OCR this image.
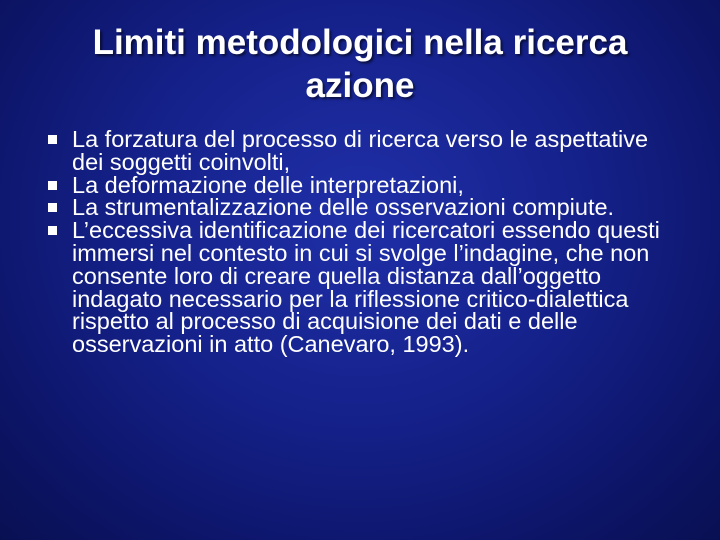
Limiti metodologici nella ricerca azione
La forzatura del processo di ricerca verso le aspettative dei soggetti coinvolti,
La deformazione delle interpretazioni,
La strumentalizzazione delle osservazioni compiute.
L’eccessiva identificazione dei ricercatori essendo questi immersi nel contesto in cui si svolge l’indagine, che non consente loro di creare quella distanza dall’oggetto indagato necessario per la riflessione critico-dialettica rispetto al processo di acquisione dei dati e delle osservazioni in atto (Canevaro, 1993).
